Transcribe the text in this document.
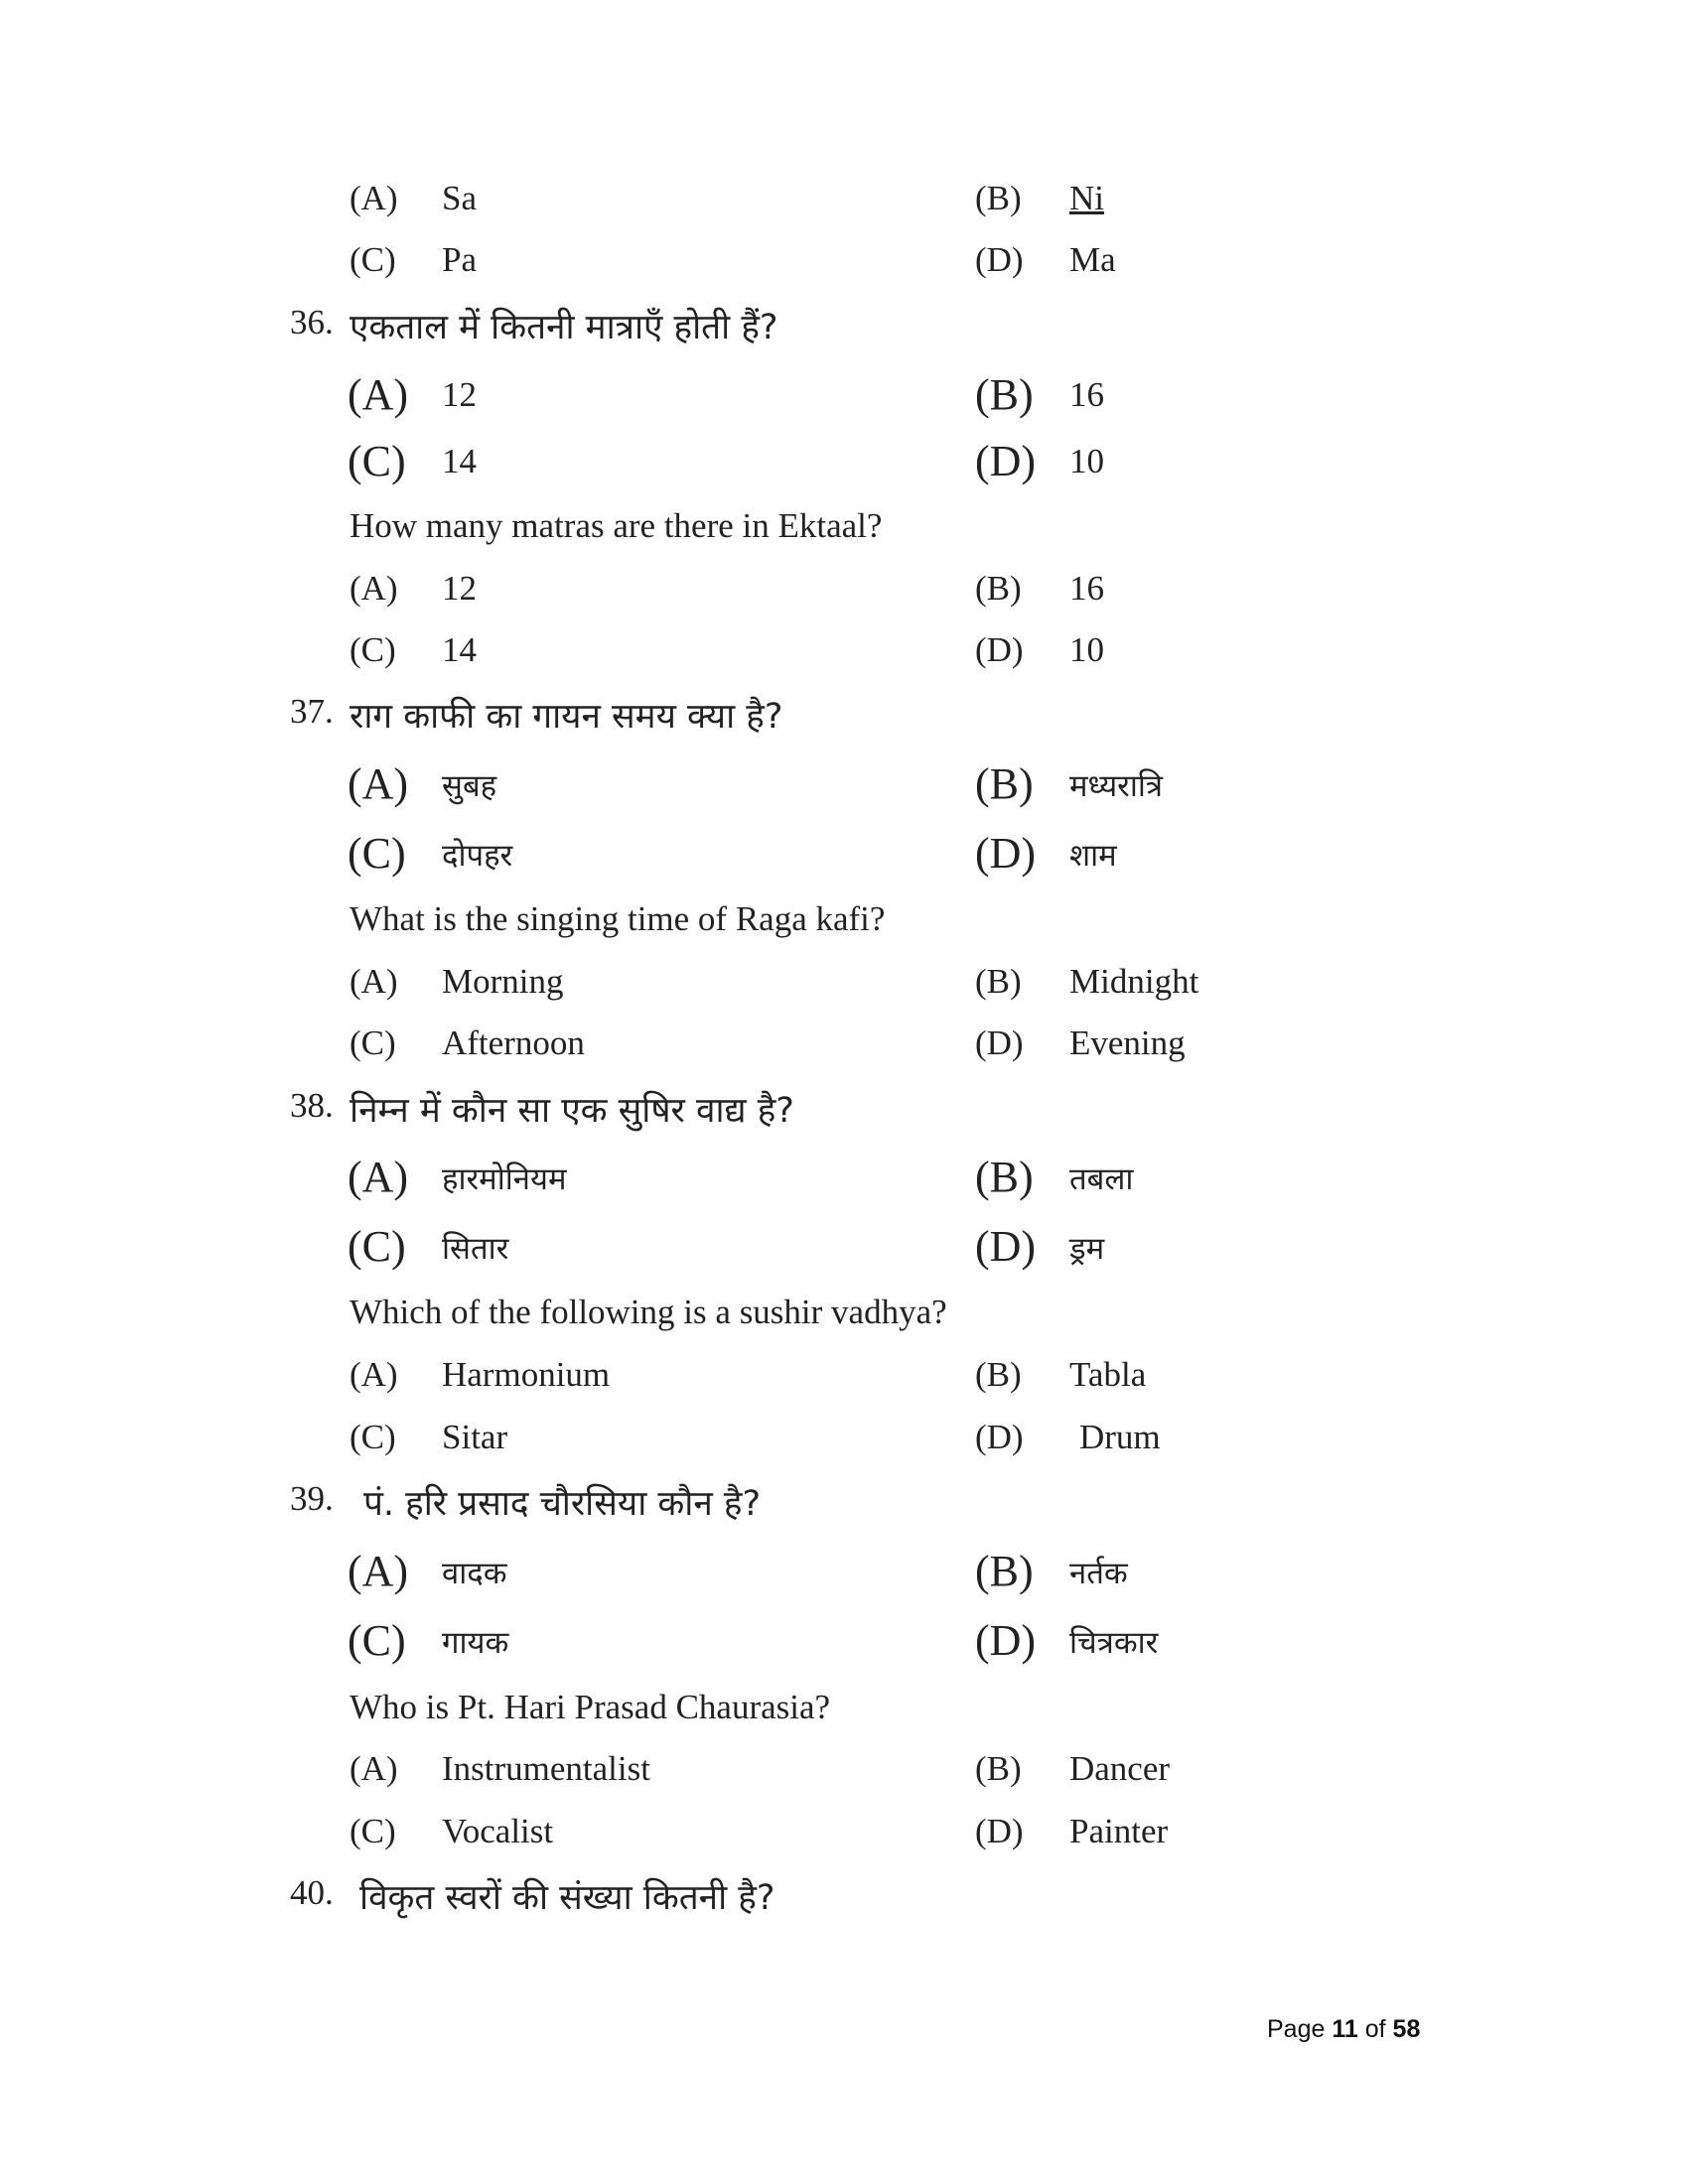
(A) Sa	(B) Ni
(C) Pa	(D) Ma
36. एकताल में कितनी मात्राएँ होती हैं?
(A) 12	(B) 16
(C) 14	(D) 10
How many matras are there in Ektaal?
(A) 12	(B) 16
(C) 14	(D) 10
37. राग काफी का गायन समय क्या है?
(A) सुबह	(B) मध्यरात्रि
(C) दोपहर	(D) शाम
What is the singing time of Raga kafi?
(A) Morning	(B) Midnight
(C) Afternoon	(D) Evening
38. निम्न में कौन सा एक सुषिर वाद्य है?
(A) हारमोनियम	(B) तबला
(C) सितार	(D) ड्रम
Which of the following is a sushir vadhya?
(A) Harmonium	(B) Tabla
(C) Sitar	(D) Drum
39. पं. हरि प्रसाद चौरसिया कौन है?
(A) वादक	(B) नर्तक
(C) गायक	(D) चित्रकार
Who is Pt. Hari Prasad Chaurasia?
(A) Instrumentalist	(B) Dancer
(C) Vocalist	(D) Painter
40. विकृत स्वरों की संख्या कितनी है?
Page 11 of 58
